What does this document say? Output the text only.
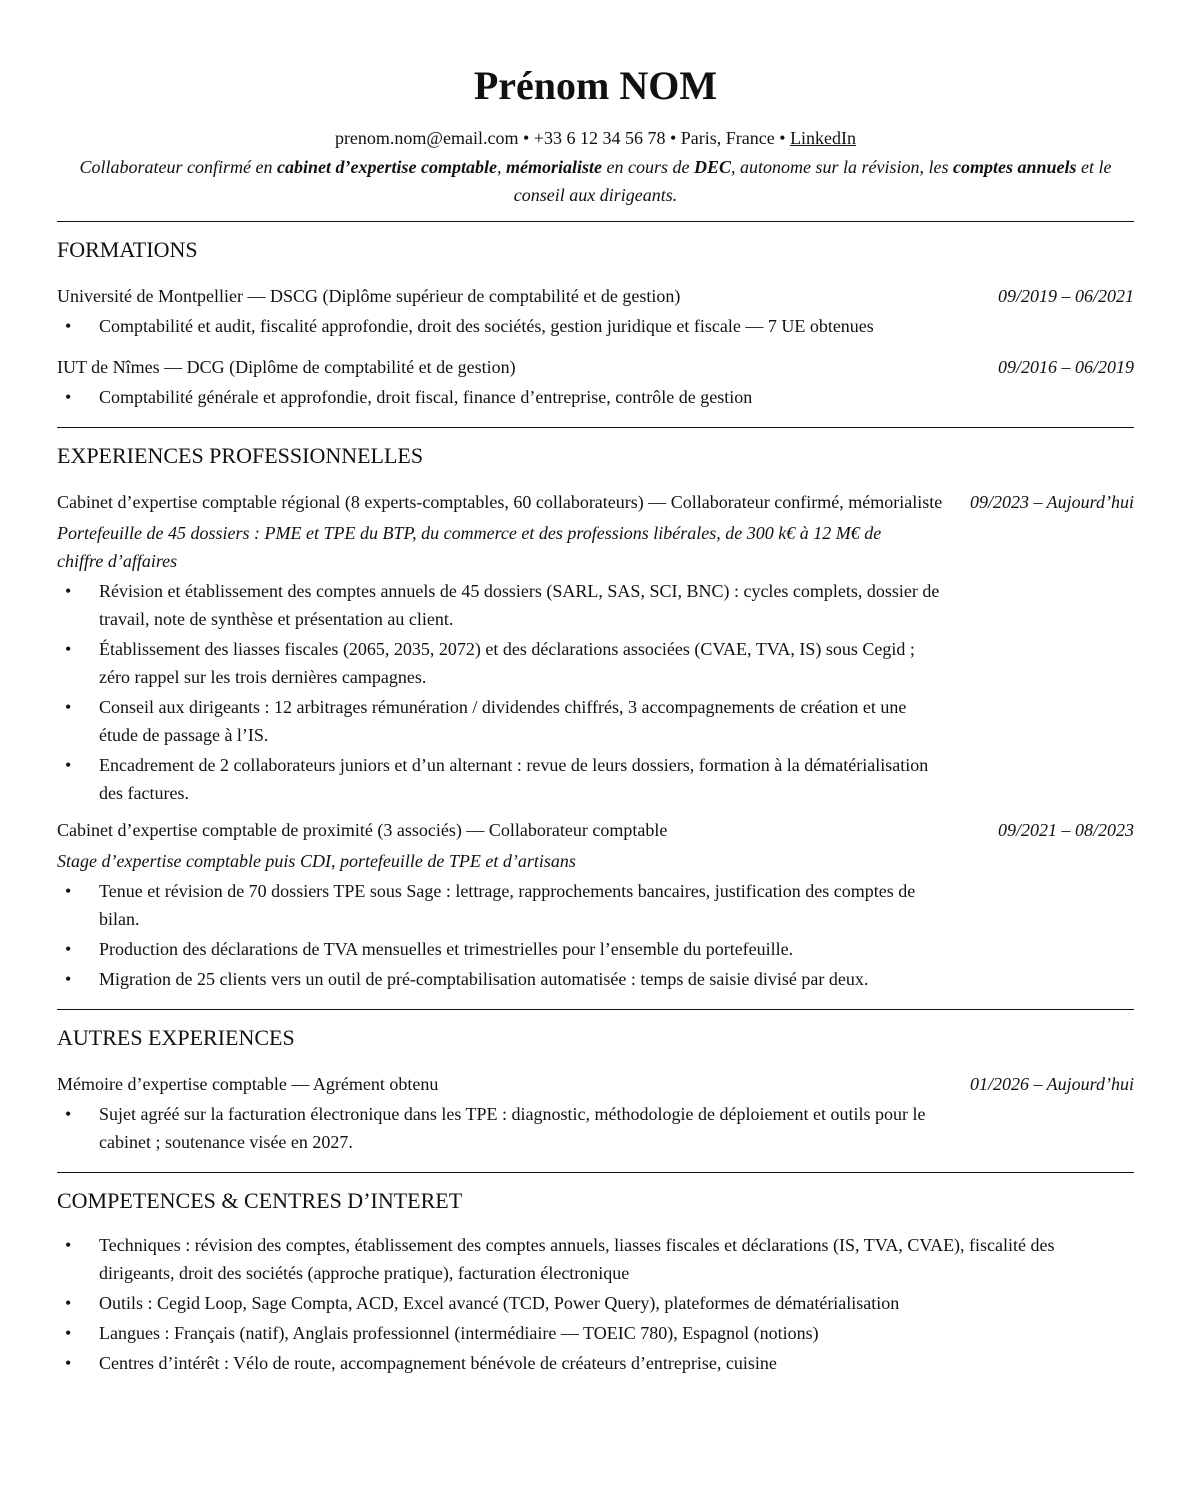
Prénom NOM
prenom.nom@email.com • +33 6 12 34 56 78 • Paris, France • LinkedIn
Collaborateur confirmé en cabinet d’expertise comptable, mémorialiste en cours de DEC, autonome sur la révision, les comptes annuels et le conseil aux dirigeants.
FORMATIONS
Université de Montpellier — DSCG (Diplôme supérieur de comptabilité et de gestion)	09/2019 – 06/2021
• Comptabilité et audit, fiscalité approfondie, droit des sociétés, gestion juridique et fiscale — 7 UE obtenues
IUT de Nîmes — DCG (Diplôme de comptabilité et de gestion)	09/2016 – 06/2019
• Comptabilité générale et approfondie, droit fiscal, finance d’entreprise, contrôle de gestion
EXPERIENCES PROFESSIONNELLES
Cabinet d’expertise comptable régional (8 experts-comptables, 60 collaborateurs) — Collaborateur confirmé, mémorialiste	09/2023 – Aujourd’hui
Portefeuille de 45 dossiers : PME et TPE du BTP, du commerce et des professions libérales, de 300 k€ à 12 M€ de chiffre d’affaires
• Révision et établissement des comptes annuels de 45 dossiers (SARL, SAS, SCI, BNC) : cycles complets, dossier de travail, note de synthèse et présentation au client.
• Établissement des liasses fiscales (2065, 2035, 2072) et des déclarations associées (CVAE, TVA, IS) sous Cegid ; zéro rappel sur les trois dernières campagnes.
• Conseil aux dirigeants : 12 arbitrages rémunération / dividendes chiffrés, 3 accompagnements de création et une étude de passage à l’IS.
• Encadrement de 2 collaborateurs juniors et d’un alternant : revue de leurs dossiers, formation à la dématérialisation des factures.
Cabinet d’expertise comptable de proximité (3 associés) — Collaborateur comptable	09/2021 – 08/2023
Stage d’expertise comptable puis CDI, portefeuille de TPE et d’artisans
• Tenue et révision de 70 dossiers TPE sous Sage : lettrage, rapprochements bancaires, justification des comptes de bilan.
• Production des déclarations de TVA mensuelles et trimestrielles pour l’ensemble du portefeuille.
• Migration de 25 clients vers un outil de pré-comptabilisation automatisée : temps de saisie divisé par deux.
AUTRES EXPERIENCES
Mémoire d’expertise comptable — Agrément obtenu	01/2026 – Aujourd’hui
• Sujet agréé sur la facturation électronique dans les TPE : diagnostic, méthodologie de déploiement et outils pour le cabinet ; soutenance visée en 2027.
COMPETENCES & CENTRES D’INTERET
• Techniques : révision des comptes, établissement des comptes annuels, liasses fiscales et déclarations (IS, TVA, CVAE), fiscalité des dirigeants, droit des sociétés (approche pratique), facturation électronique
• Outils : Cegid Loop, Sage Compta, ACD, Excel avancé (TCD, Power Query), plateformes de dématérialisation
• Langues : Français (natif), Anglais professionnel (intermédiaire — TOEIC 780), Espagnol (notions)
• Centres d’intérêt : Vélo de route, accompagnement bénévole de créateurs d’entreprise, cuisine
